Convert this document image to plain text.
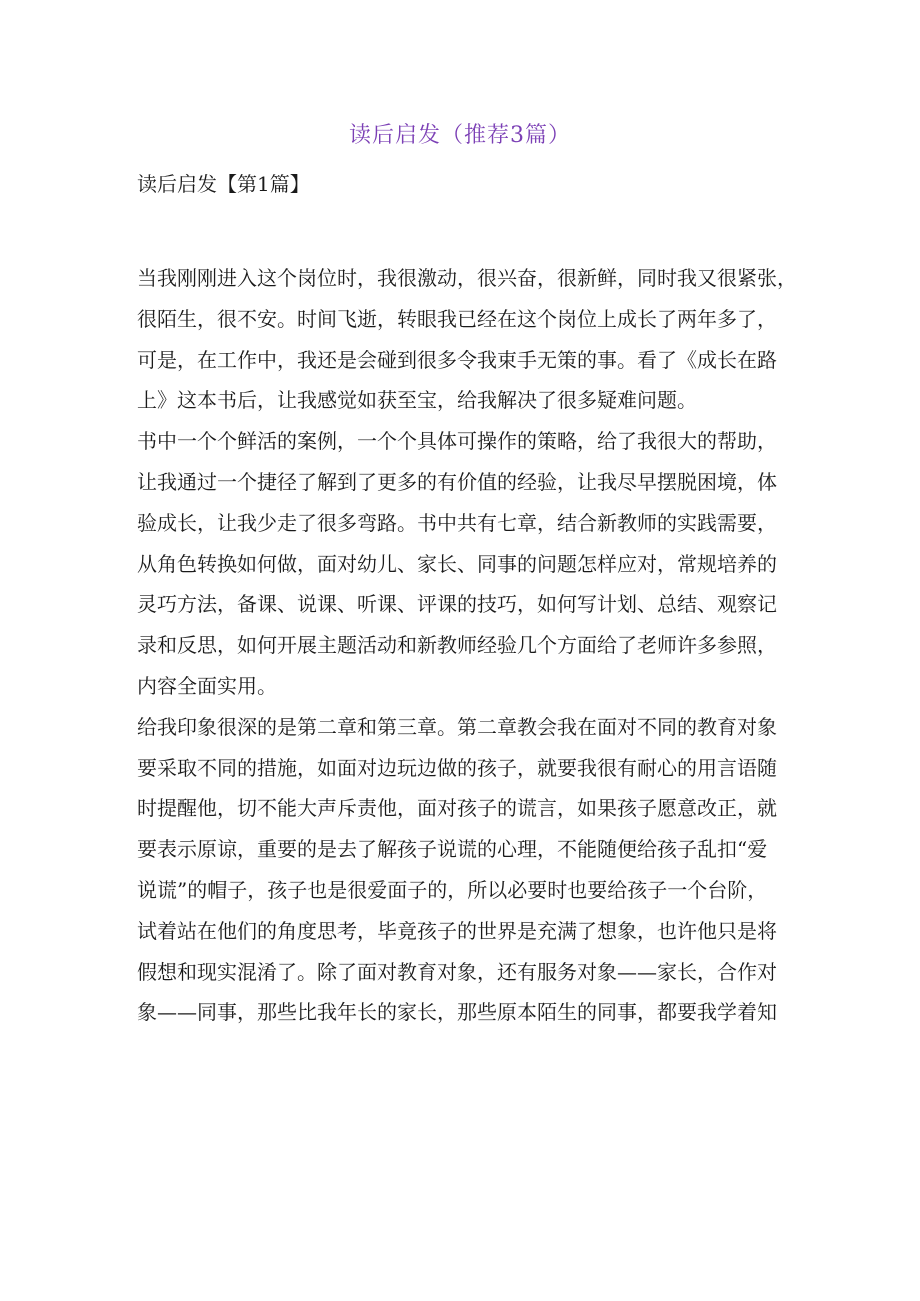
读后启发（推荐3篇）
读后启发【第1篇】
当我刚刚进入这个岗位时，我很激动，很兴奋，很新鲜，同时我又很紧张，
很陌生，很不安。时间飞逝，转眼我已经在这个岗位上成长了两年多了，
可是，在工作中，我还是会碰到很多令我束手无策的事。看了《成长在路
上》这本书后，让我感觉如获至宝，给我解决了很多疑难问题。
书中一个个鲜活的案例，一个个具体可操作的策略，给了我很大的帮助，
让我通过一个捷径了解到了更多的有价值的经验，让我尽早摆脱困境，体
验成长，让我少走了很多弯路。书中共有七章，结合新教师的实践需要，
从角色转换如何做，面对幼儿、家长、同事的问题怎样应对，常规培养的
灵巧方法，备课、说课、听课、评课的技巧，如何写计划、总结、观察记
录和反思，如何开展主题活动和新教师经验几个方面给了老师许多参照，
内容全面实用。
给我印象很深的是第二章和第三章。第二章教会我在面对不同的教育对象
要采取不同的措施，如面对边玩边做的孩子，就要我很有耐心的用言语随
时提醒他，切不能大声斥责他，面对孩子的谎言，如果孩子愿意改正，就
要表示原谅，重要的是去了解孩子说谎的心理，不能随便给孩子乱扣“爱
说谎”的帽子，孩子也是很爱面子的，所以必要时也要给孩子一个台阶，
试着站在他们的角度思考，毕竟孩子的世界是充满了想象，也许他只是将
假想和现实混淆了。除了面对教育对象，还有服务对象——家长，合作对
象——同事，那些比我年长的家长，那些原本陌生的同事，都要我学着知
